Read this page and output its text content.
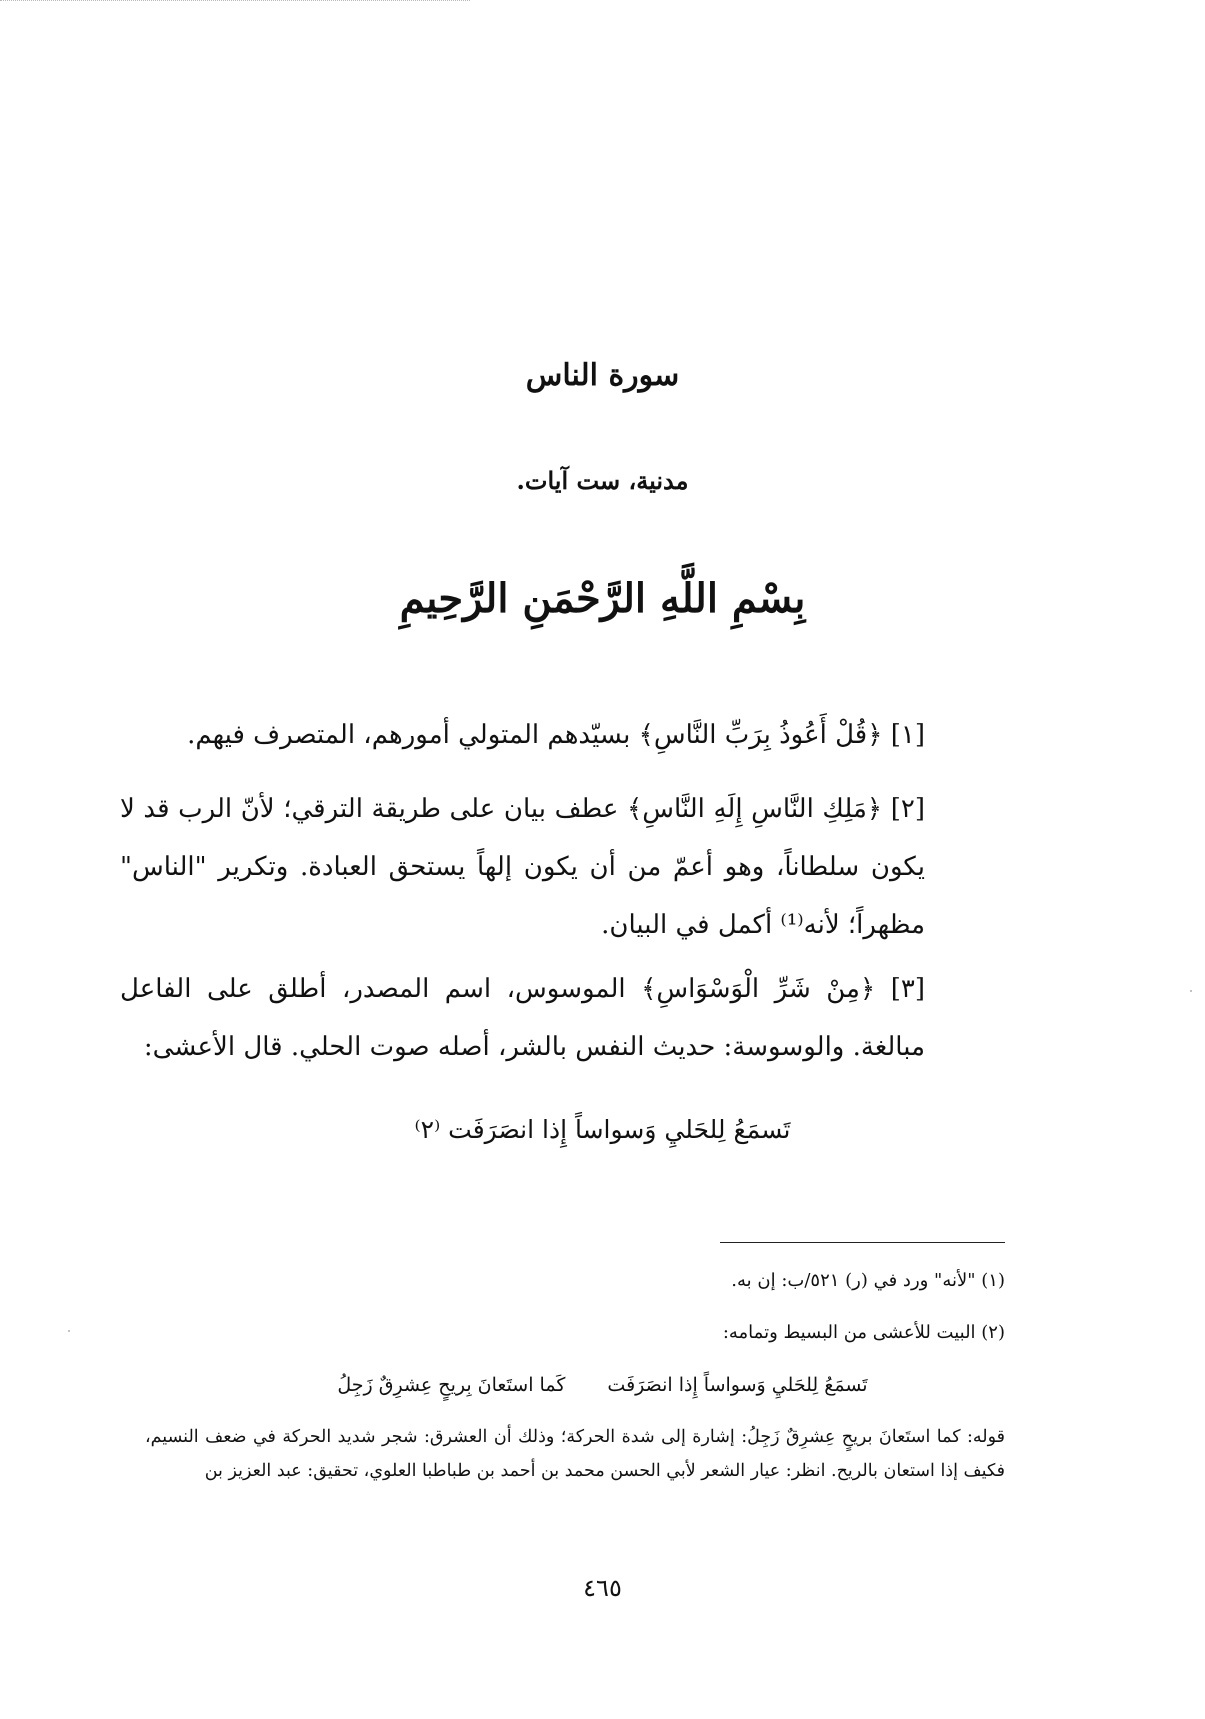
سورة الناس
مدنية، ست آيات.
بِسْمِ اللَّهِ الرَّحْمَنِ الرَّحِيمِ
[١] ﴿قُلْ أَعُوذُ بِرَبِّ النَّاسِ﴾ بسيّدهم المتولي أمورهم، المتصرف فيهم.
[٢] ﴿مَلِكِ النَّاسِ إِلَهِ النَّاسِ﴾ عطف بيان على طريقة الترقي؛ لأنّ الرب قد لا يكون سلطاناً، وهو أعمّ من أن يكون إلهاً يستحق العبادة. وتكرير "الناس" مظهراً؛ لأنه⁽¹⁾ أكمل في البيان.
[٣] ﴿مِنْ شَرِّ الْوَسْوَاسِ﴾ الموسوس، اسم المصدر، أطلق على الفاعل مبالغة. والوسوسة: حديث النفس بالشر، أصله صوت الحلي. قال الأعشى:
تَسمَعُ لِلحَليِ وَسواساً إِذا انصَرَفَت ⁽٢⁾
(١) "لأنه" ورد في (ر) ٥٢١/ب: إن به.
(٢) البيت للأعشى من البسيط وتمامه:
تَسمَعُ لِلحَليِ وَسواساً إِذا انصَرَفَت كَما استَعانَ بِريحٍ عِشرِقٌ زَجِلُ
قوله: كما استَعانَ بريحٍ عِشرِقٌ زَجِلُ: إشارة إلى شدة الحركة؛ وذلك أن العشرق: شجر شديد الحركة في ضعف النسيم، فكيف إذا استعان بالريح. انظر: عيار الشعر لأبي الحسن محمد بن أحمد بن طباطبا العلوي، تحقيق: عبد العزيز بن
٤٦٥
